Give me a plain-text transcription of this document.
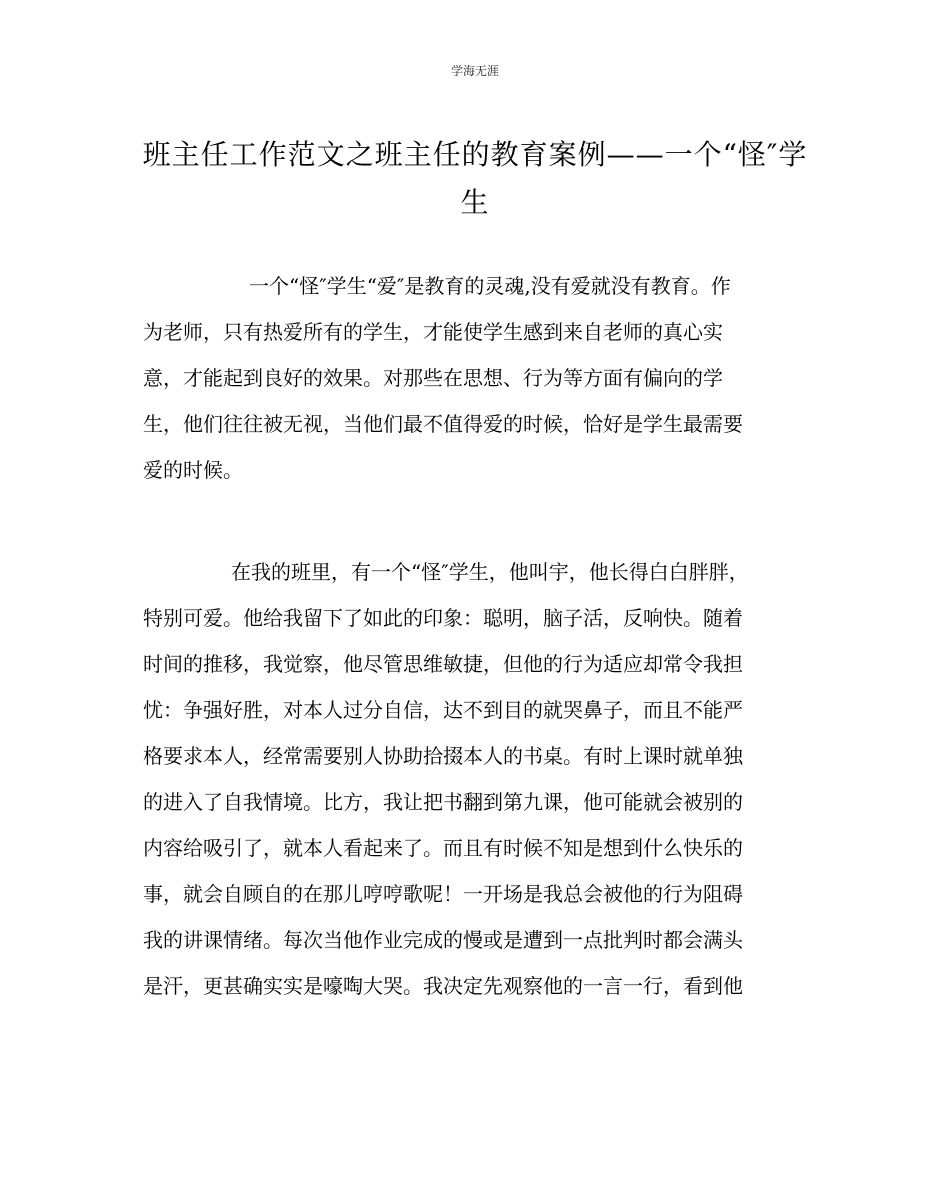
学海无涯
班主任工作范文之班主任的教育案例——一个“怪″学
生
一个“怪″学生“爱″是教育的灵魂,没有爱就没有教育。作
为老师，只有热爱所有的学生，才能使学生感到来自老师的真心实
意，才能起到良好的效果。对那些在思想、行为等方面有偏向的学
生，他们往往被无视，当他们最不值得爱的时候，恰好是学生最需要
爱的时候。
在我的班里，有一个“怪″学生，他叫宇，他长得白白胖胖，
特别可爱。他给我留下了如此的印象：聪明，脑子活，反响快。随着
时间的推移，我觉察，他尽管思维敏捷，但他的行为适应却常令我担
忧：争强好胜，对本人过分自信，达不到目的就哭鼻子，而且不能严
格要求本人，经常需要别人协助拾掇本人的书桌。有时上课时就单独
的进入了自我情境。比方，我让把书翻到第九课，他可能就会被别的
内容给吸引了，就本人看起来了。而且有时候不知是想到什么快乐的
事，就会自顾自的在那儿哼哼歌呢！一开场是我总会被他的行为阻碍
我的讲课情绪。每次当他作业完成的慢或是遭到一点批判时都会满头
是汗，更甚确实实是嚎啕大哭。我决定先观察他的一言一行，看到他
